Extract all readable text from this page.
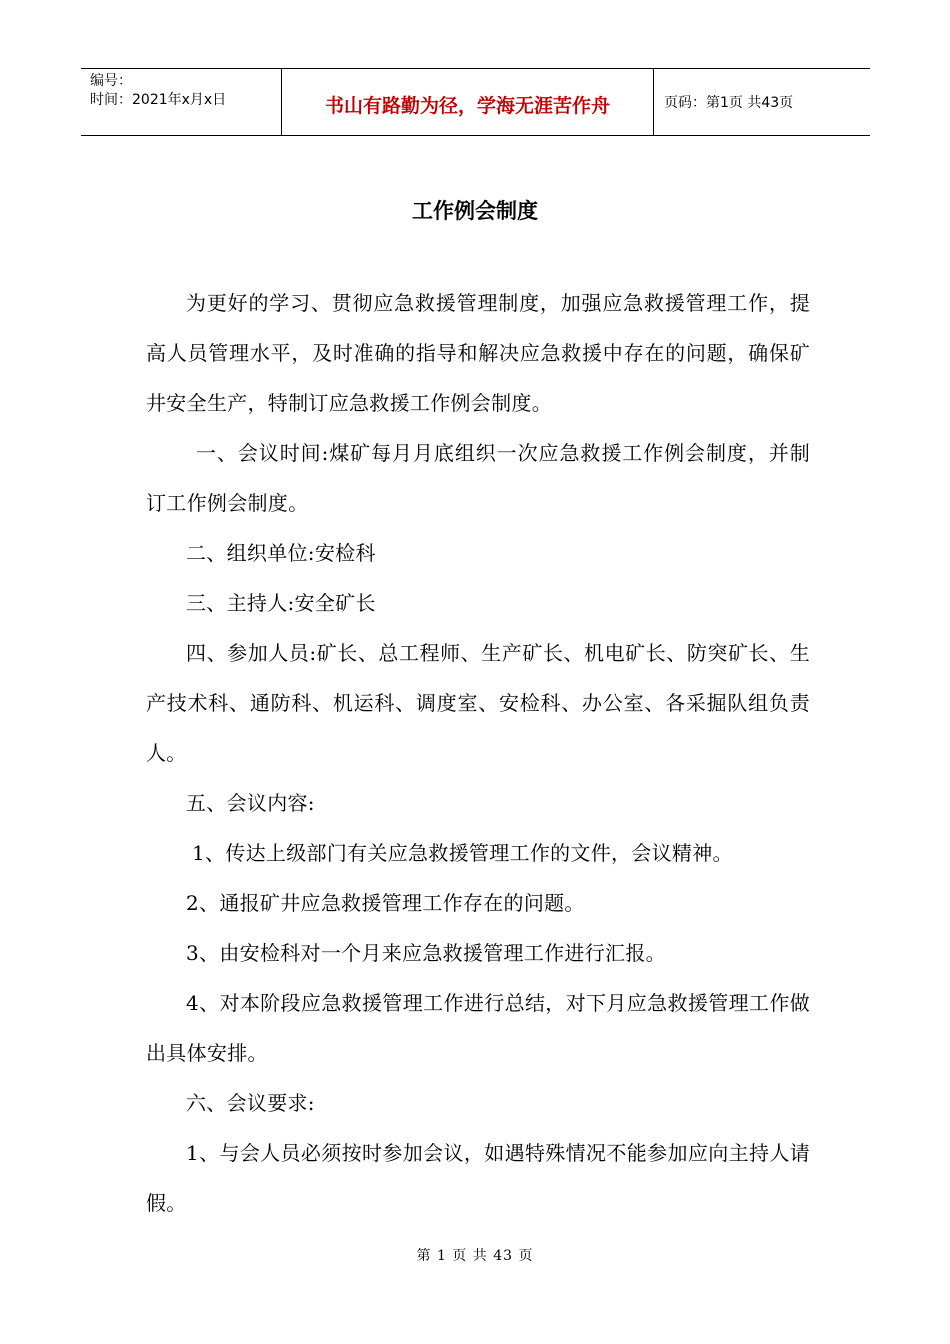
编号：
时间：2021年x月x日	书山有路勤为径，学海无涯苦作舟	页码：第1页 共43页
工作例会制度

为更好的学习、贯彻应急救援管理制度，加强应急救援管理工作，提高人员管理水平，及时准确的指导和解决应急救援中存在的问题，确保矿井安全生产，特制订应急救援工作例会制度。

一、会议时间:煤矿每月月底组织一次应急救援工作例会制度，并制订工作例会制度。

二、组织单位:安检科

三、主持人:安全矿长

四、参加人员:矿长、总工程师、生产矿长、机电矿长、防突矿长、生产技术科、通防科、机运科、调度室、安检科、办公室、各采掘队组负责人。

五、会议内容:

1、传达上级部门有关应急救援管理工作的文件，会议精神。

2、通报矿井应急救援管理工作存在的问题。

3、由安检科对一个月来应急救援管理工作进行汇报。

4、对本阶段应急救援管理工作进行总结，对下月应急救援管理工作做出具体安排。

六、会议要求:

1、与会人员必须按时参加会议，如遇特殊情况不能参加应向主持人请假。

第 1 页 共 43 页
